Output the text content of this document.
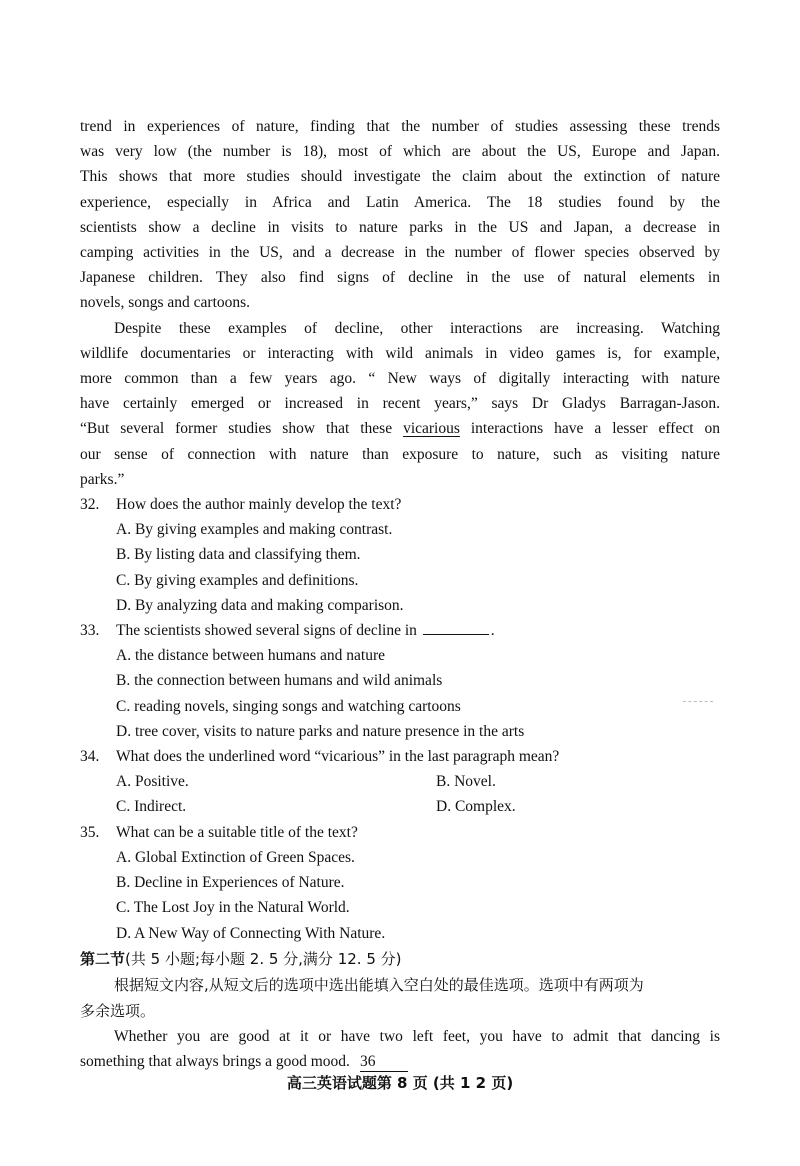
trend in experiences of nature, finding that the number of studies assessing these trends
was very low (the number is 18), most of which are about the US, Europe and Japan.
This shows that more studies should investigate the claim about the extinction of nature
experience, especially in Africa and Latin America. The 18 studies found by the
scientists show a decline in visits to nature parks in the US and Japan, a decrease in
camping activities in the US, and a decrease in the number of flower species observed by
Japanese children. They also find signs of decline in the use of natural elements in
novels, songs and cartoons.
Despite these examples of decline, other interactions are increasing. Watching
wildlife documentaries or interacting with wild animals in video games is, for example,
more common than a few years ago. “ New ways of digitally interacting with nature
have certainly emerged or increased in recent years,” says Dr Gladys Barragan-Jason.
“But several former studies show that these vicarious interactions have a lesser effect on
our sense of connection with nature than exposure to nature, such as visiting nature
parks.”
32. How does the author mainly develop the text?
A. By giving examples and making contrast.
B. By listing data and classifying them.
C. By giving examples and definitions.
D. By analyzing data and making comparison.
33. The scientists showed several signs of decline in	.
A. the distance between humans and nature
B. the connection between humans and wild animals
C. reading novels, singing songs and watching cartoons
D. tree cover, visits to nature parks and nature presence in the arts
34. What does the underlined word “vicarious” in the last paragraph mean?
A. Positive.	B. Novel.
C. Indirect.	D. Complex.
35. What can be a suitable title of the text?
A. Global Extinction of Green Spaces.
B. Decline in Experiences of Nature.
C. The Lost Joy in the Natural World.
D. A New Way of Connecting With Nature.
第二节(共 5 小题;每小题 2. 5 分,满分 12. 5 分)
根据短文内容,从短文后的选项中选出能填入空白处的最佳选项。选项中有两项为
多余选项。
Whether you are good at it or have two left feet, you have to admit that dancing is
something that always brings a good mood. 36
高三英语试题第 8 页 (共 1 2 页)
